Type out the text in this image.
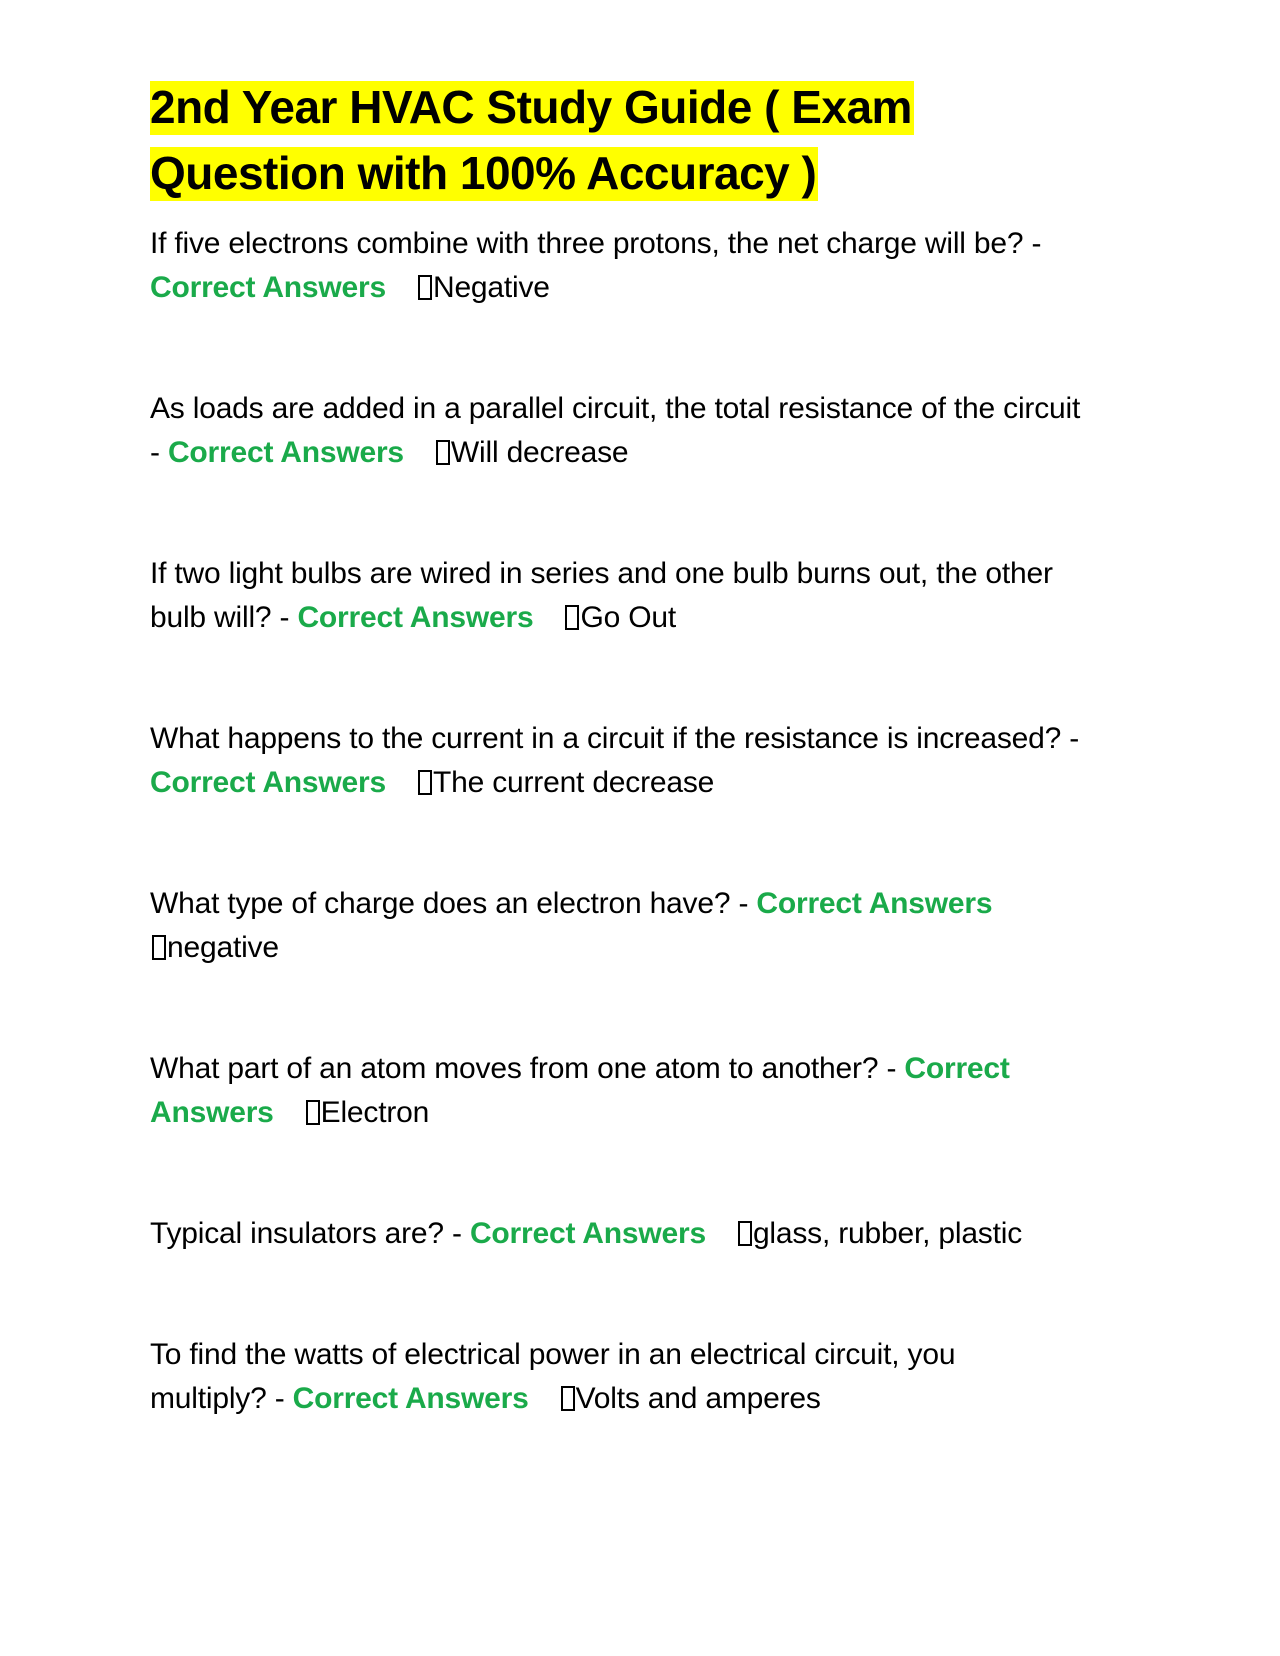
2nd Year HVAC Study Guide ( Exam
Question with 100% Accuracy )

If five electrons combine with three protons, the net charge will be? -
Correct Answers Negative

As loads are added in a parallel circuit, the total resistance of the circuit
- Correct Answers Will decrease

If two light bulbs are wired in series and one bulb burns out, the other
bulb will? - Correct Answers Go Out

What happens to the current in a circuit if the resistance is increased? -
Correct Answers The current decrease

What type of charge does an electron have? - Correct Answers
negative

What part of an atom moves from one atom to another? - Correct
Answers Electron

Typical insulators are? - Correct Answers glass, rubber, plastic

To find the watts of electrical power in an electrical circuit, you
multiply? - Correct Answers Volts and amperes
